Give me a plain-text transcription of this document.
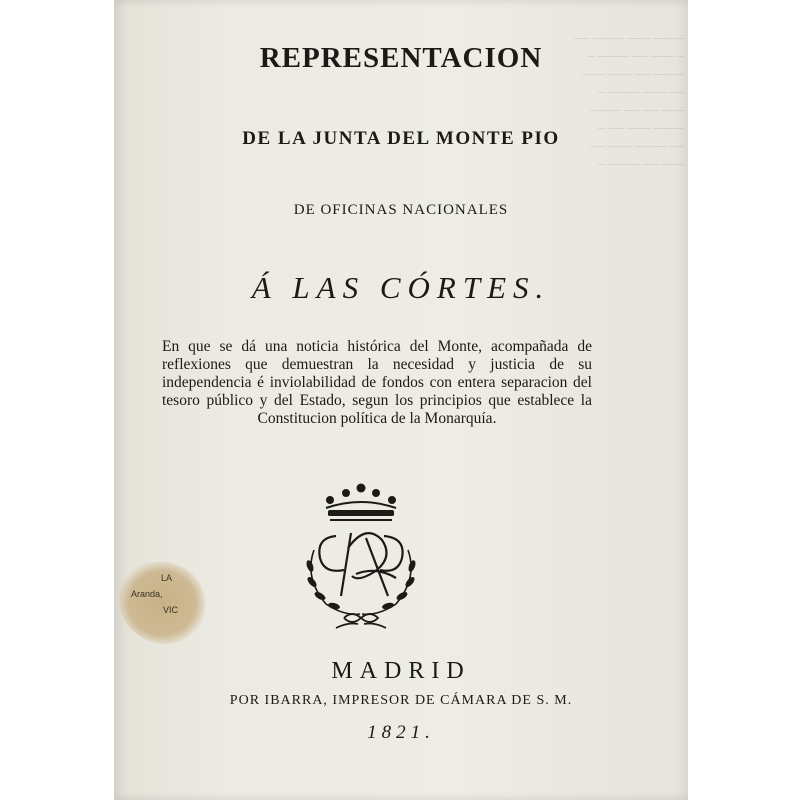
──── ─── ──── ──
─ ─── ── ──── ─
──── ── ─── ───
── ─── ──── ─
─── ── ── ────
──── ─── ── ─
── ──── ─── ──
─── ── ──── ─
REPRESENTACION
DE LA JUNTA DEL MONTE PIO
DE OFICINAS NACIONALES
Á LAS CÓRTES.
En que se dá una noticia histórica del Monte, acompañada de reflexiones que demuestran la necesidad y justicia de su independencia é inviolabilidad de fondos con entera separacion del tesoro público y del Estado, segun los principios que establece la Constitucion política de la Monarquía.
LA
Aranda,
VIC
MADRID
POR IBARRA, IMPRESOR DE CÁMARA DE S. M.
1821.
